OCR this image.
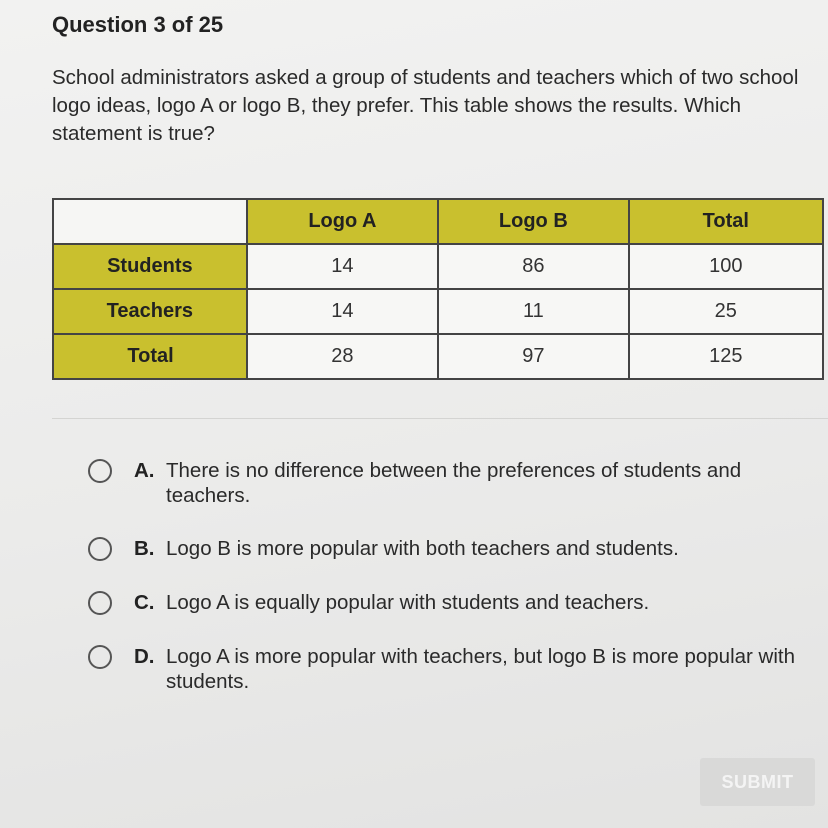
Question 3 of 25

School administrators asked a group of students and teachers which of two school logo ideas, logo A or logo B, they prefer. This table shows the results. Which statement is true?

	Logo A	Logo B	Total
Students	14	86	100
Teachers	14	11	25
Total	28	97	125
A. There is no difference between the preferences of students and teachers.
B. Logo B is more popular with both teachers and students.
C. Logo A is equally popular with students and teachers.
D. Logo A is more popular with teachers, but logo B is more popular with students.
SUBMIT
